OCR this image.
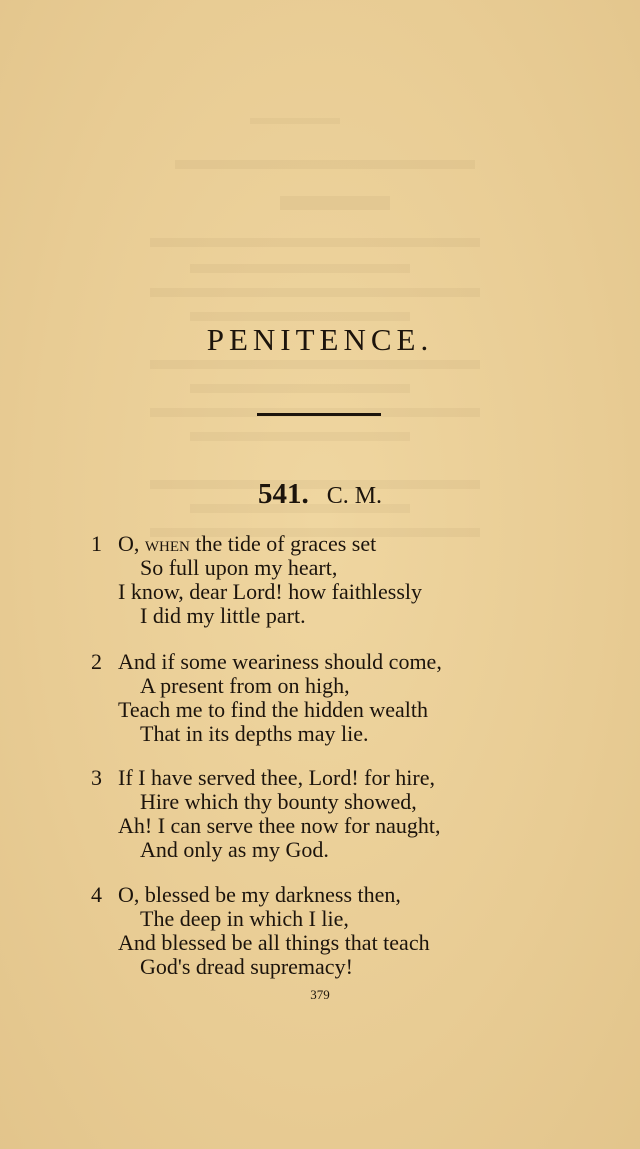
PENITENCE.
541. C. M.
1 O, when the tide of graces set
So full upon my heart,
I know, dear Lord! how faithlessly
I did my little part.
2 And if some weariness should come,
A present from on high,
Teach me to find the hidden wealth
That in its depths may lie.
3 If I have served thee, Lord! for hire,
Hire which thy bounty showed,
Ah! I can serve thee now for naught,
And only as my God.
4 O, blessed be my darkness then,
The deep in which I lie,
And blessed be all things that teach
God's dread supremacy!
379
